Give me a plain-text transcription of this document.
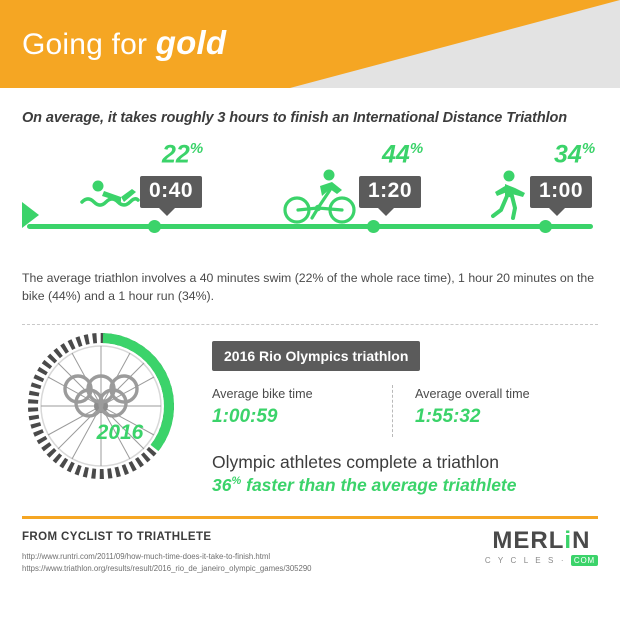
Going for gold
On average, it takes roughly 3 hours to finish an International Distance Triathlon
22%
0:40
44%
1:20
34%
1:00
The average triathlon involves a 40 minutes swim (22% of the whole race time), 1 hour 20 minutes on the bike (44%) and a 1 hour run (34%).
2016
2016 Rio Olympics triathlon
Average bike time
1:00:59
Average overall time
1:55:32
Olympic athletes complete a triathlon
36% faster than the average triathlete
FROM CYCLIST TO TRIATHLETE
http://www.runtri.com/2011/09/how-much-time-does-it-take-to-finish.html
https://www.triathlon.org/results/result/2016_rio_de_janeiro_olympic_games/305290
MERLiN
C Y C L E S · COM
